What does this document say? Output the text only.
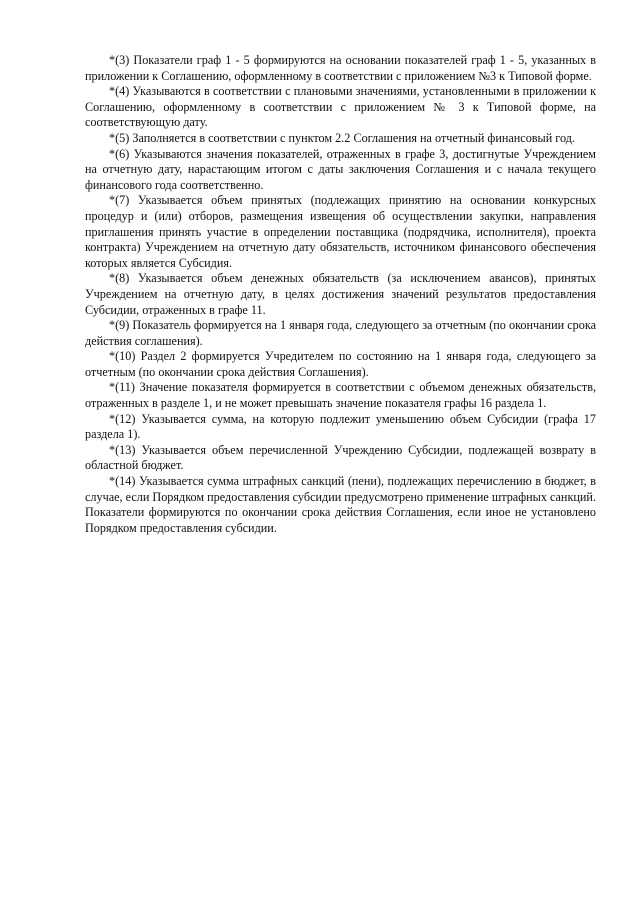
*(3) Показатели граф 1 - 5 формируются на основании показателей граф 1 - 5, указанных в приложении к Соглашению, оформленному в соответствии с приложением №3 к Типовой форме.

*(4) Указываются в соответствии с плановыми значениями, установленными в приложении к Соглашению, оформленному в соответствии с приложением № 3 к Типовой форме, на соответствующую дату.

*(5) Заполняется в соответствии с пунктом 2.2 Соглашения на отчетный финансовый год.

*(6) Указываются значения показателей, отраженных в графе 3, достигнутые Учреждением на отчетную дату, нарастающим итогом с даты заключения Соглашения и с начала текущего финансового года соответственно.

*(7) Указывается объем принятых (подлежащих принятию на основании конкурсных процедур и (или) отборов, размещения извещения об осуществлении закупки, направления приглашения принять участие в определении поставщика (подрядчика, исполнителя), проекта контракта) Учреждением на отчетную дату обязательств, источником финансового обеспечения которых является Субсидия.

*(8) Указывается объем денежных обязательств (за исключением авансов), принятых Учреждением на отчетную дату, в целях достижения значений результатов предоставления Субсидии, отраженных в графе 11.

*(9) Показатель формируется на 1 января года, следующего за отчетным (по окончании срока действия соглашения).

*(10) Раздел 2 формируется Учредителем по состоянию на 1 января года, следующего за отчетным (по окончании срока действия Соглашения).

*(11) Значение показателя формируется в соответствии с объемом денежных обязательств, отраженных в разделе 1, и не может превышать значение показателя графы 16 раздела 1.

*(12) Указывается сумма, на которую подлежит уменьшению объем Субсидии (графа 17 раздела 1).

*(13) Указывается объем перечисленной Учреждению Субсидии, подлежащей возврату в областной бюджет.

*(14) Указывается сумма штрафных санкций (пени), подлежащих перечислению в бюджет, в случае, если Порядком предоставления субсидии предусмотрено применение штрафных санкций. Показатели формируются по окончании срока действия Соглашения, если иное не установлено Порядком предоставления субсидии.
